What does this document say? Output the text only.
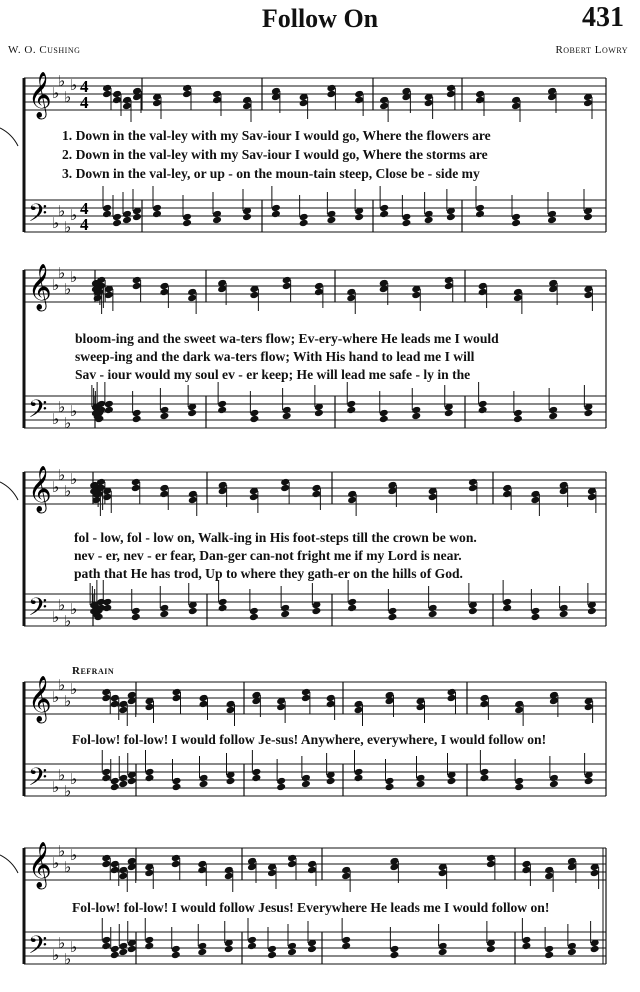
Follow On	431
W. O. Cushing	Robert Lowry
Refrain
𝄞 ♭
♭
♭
♭ 4
4
𝄢 ♭
♭
♭
♭ 4
4
𝄞 ♭
♭
♭
♭
𝄢 ♭
♭
♭
♭
𝄞 ♭
♭
♭
♭
𝄢 ♭
♭
♭
♭
𝄞 ♭
♭
♭
♭
𝄢 ♭
♭
♭
♭
𝄞 ♭
♭
♭
♭
𝄢 ♭
♭
♭
♭
1. Down in the val-ley with my Sav-iour I would go, Where the flowers are
2. Down in the val-ley with my Sav-iour I would go, Where the storms are
3. Down in the val-ley, or up - on the moun-tain steep, Close be - side my
bloom-ing and the sweet wa-ters flow; Ev-ery-where He leads me I would
sweep-ing and the dark wa-ters flow; With His hand to lead me I will
Sav - iour would my soul ev - er keep; He will lead me safe - ly in the
fol - low, fol - low on, Walk-ing in His foot-steps till the crown be won.
nev - er, nev - er fear, Dan-ger can-not fright me if my Lord is near.
path that He has trod, Up to where they gath-er on the hills of God.
Fol-low! fol-low! I would follow Je-sus! Anywhere, everywhere, I would follow on!
Fol-low! fol-low! I would follow Jesus! Everywhere He leads me I would follow on!
